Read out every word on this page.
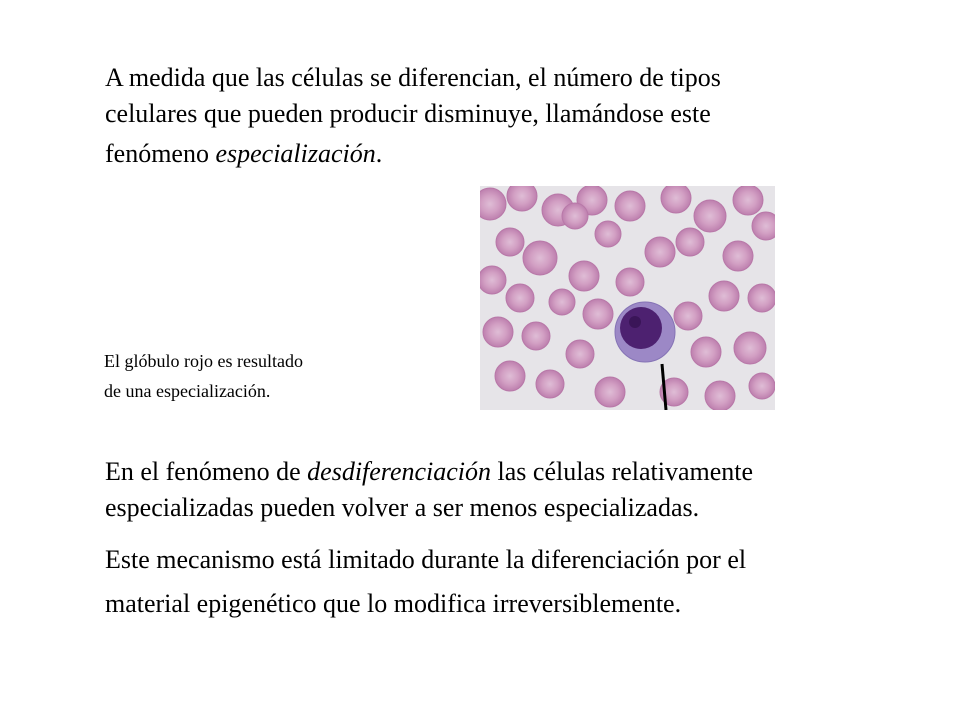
A medida que las células se diferencian, el número de tipos
celulares que pueden producir disminuye, llamándose este
fenómeno especialización.
El glóbulo rojo es resultado
de una especialización.
En el fenómeno de desdiferenciación las células relativamente
especializadas pueden volver a ser menos especializadas.
Este mecanismo está limitado durante la diferenciación por el
material epigenético que lo modifica irreversiblemente.
